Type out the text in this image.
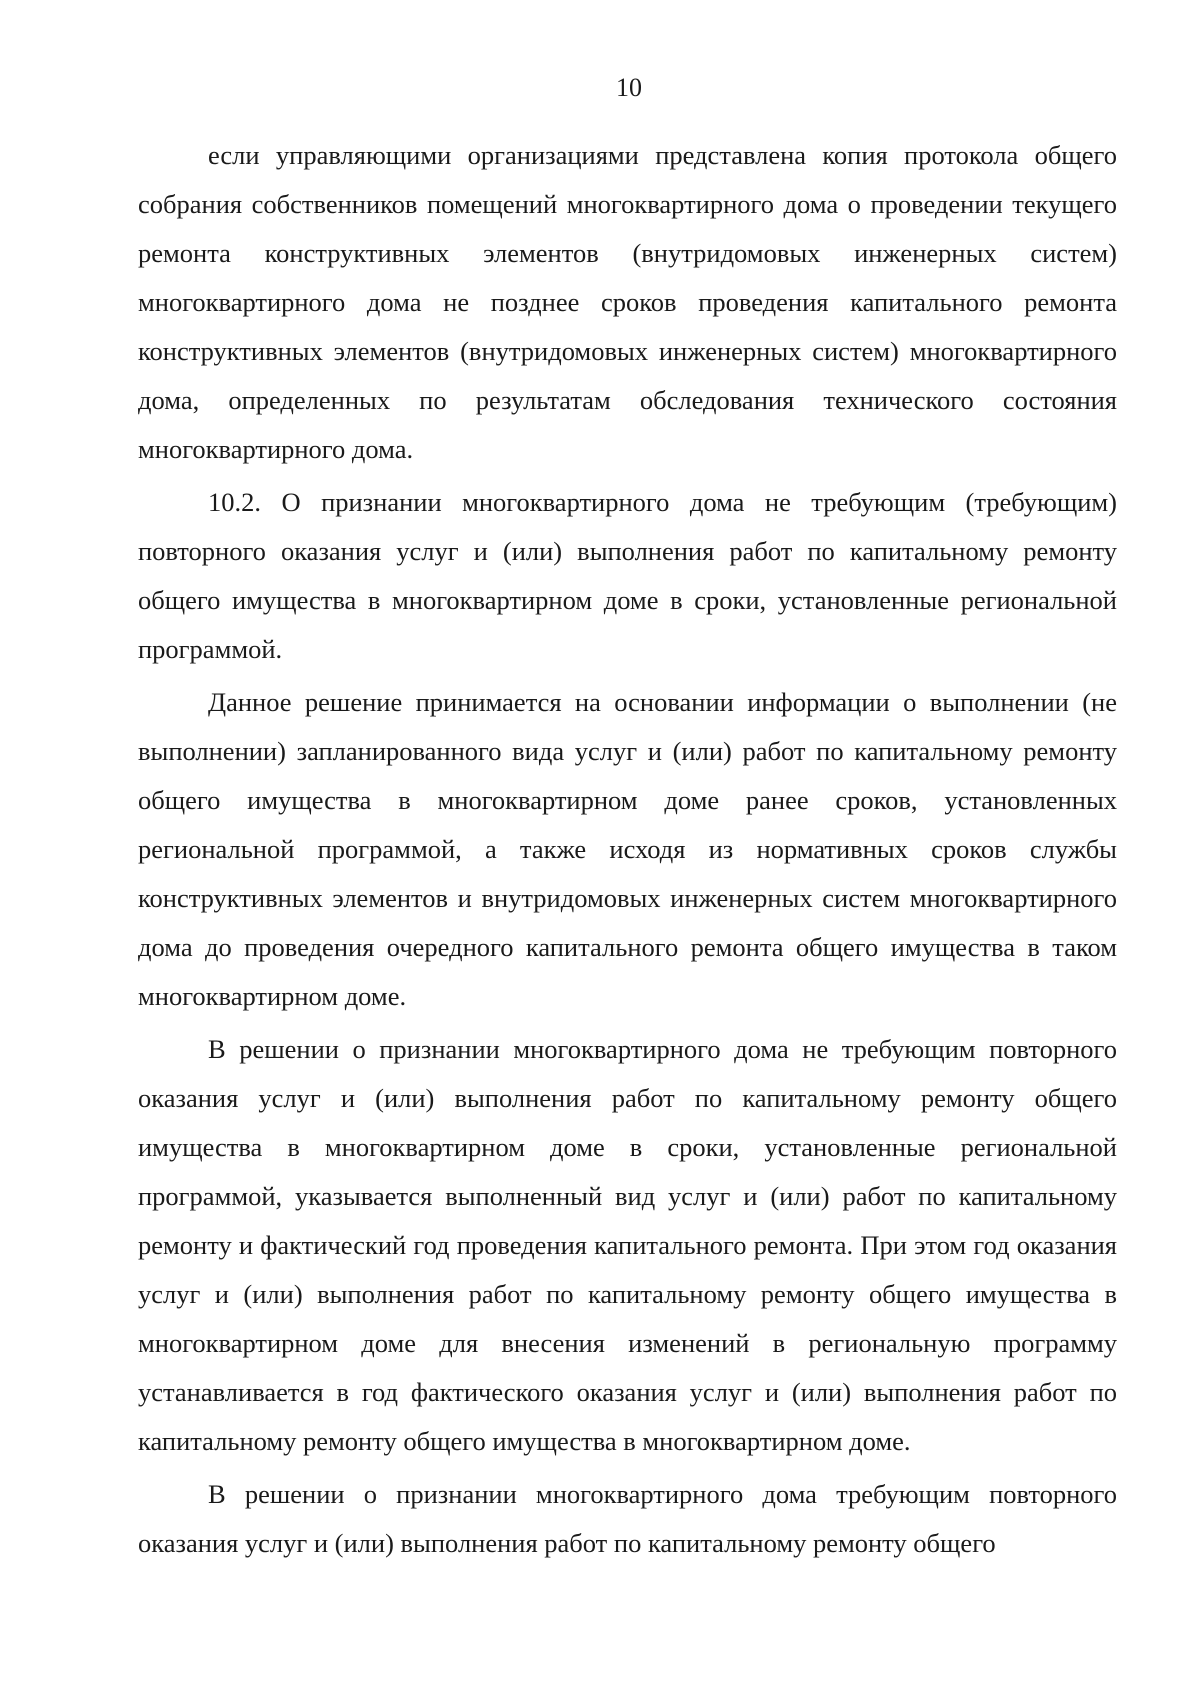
10

если управляющими организациями представлена копия протокола общего собрания собственников помещений многоквартирного дома о проведении текущего ремонта конструктивных элементов (внутридомовых инженерных систем) многоквартирного дома не позднее сроков проведения капитального ремонта конструктивных элементов (внутридомовых инженерных систем) многоквартирного дома, определенных по результатам обследования технического состояния многоквартирного дома.

10.2. О признании многоквартирного дома не требующим (требующим) повторного оказания услуг и (или) выполнения работ по капитальному ремонту общего имущества в многоквартирном доме в сроки, установленные региональной программой.

Данное решение принимается на основании информации о выполнении (не выполнении) запланированного вида услуг и (или) работ по капитальному ремонту общего имущества в многоквартирном доме ранее сроков, установленных региональной программой, а также исходя из нормативных сроков службы конструктивных элементов и внутридомовых инженерных систем многоквартирного дома до проведения очередного капитального ремонта общего имущества в таком многоквартирном доме.

В решении о признании многоквартирного дома не требующим повторного оказания услуг и (или) выполнения работ по капитальному ремонту общего имущества в многоквартирном доме в сроки, установленные региональной программой, указывается выполненный вид услуг и (или) работ по капитальному ремонту и фактический год проведения капитального ремонта. При этом год оказания услуг и (или) выполнения работ по капитальному ремонту общего имущества в многоквартирном доме для внесения изменений в региональную программу устанавливается в год фактического оказания услуг и (или) выполнения работ по капитальному ремонту общего имущества в многоквартирном доме.

В решении о признании многоквартирного дома требующим повторного оказания услуг и (или) выполнения работ по капитальному ремонту общего
